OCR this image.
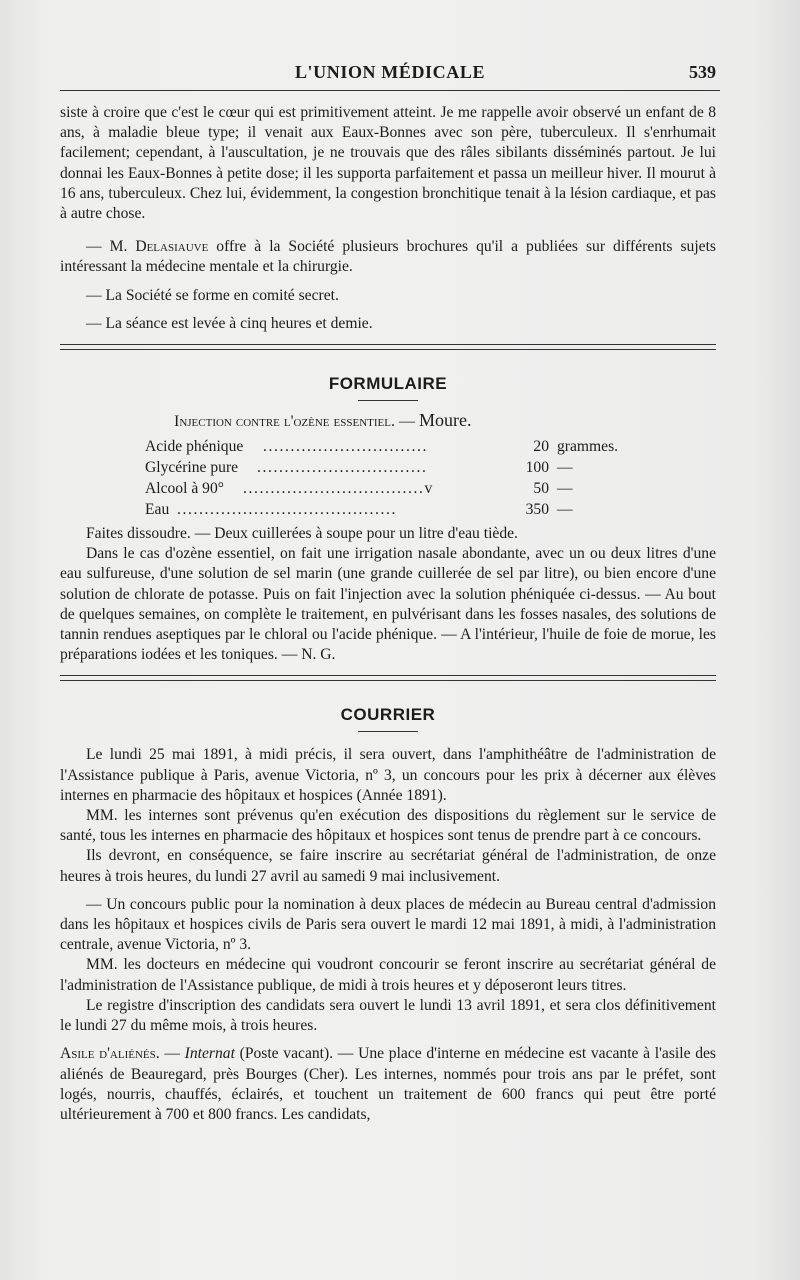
L'UNION MÉDICALE	539

siste à croire que c'est le cœur qui est primitivement atteint. Je me rappelle avoir observé un enfant de 8 ans, à maladie bleue type; il venait aux Eaux-Bonnes avec son père, tuberculeux. Il s'enrhumait facilement; cependant, à l'auscultation, je ne trouvais que des râles sibilants disséminés partout. Je lui donnai les Eaux-Bonnes à petite dose; il les supporta parfaitement et passa un meilleur hiver. Il mourut à 16 ans, tuberculeux. Chez lui, évidemment, la congestion bronchitique tenait à la lésion cardiaque, et pas à autre chose.

— M. Delasiauve offre à la Société plusieurs brochures qu'il a publiées sur différents sujets intéressant la médecine mentale et la chirurgie.

— La Société se forme en comité secret.

— La séance est levée à cinq heures et demie.

FORMULAIRE
Injection contre l'ozène essentiel. — Moure.
Acide phénique ..............................	20 grammes.
Glycérine pure ...............................	100 —
Alcool à 90° .................................v	50 —
Eau ........................................	350 —

Faites dissoudre. — Deux cuillerées à soupe pour un litre d'eau tiède.

Dans le cas d'ozène essentiel, on fait une irrigation nasale abondante, avec un ou deux litres d'une eau sulfureuse, d'une solution de sel marin (une grande cuillerée de sel par litre), ou bien encore d'une solution de chlorate de potasse. Puis on fait l'injection avec la solution phéniquée ci-dessus. — Au bout de quelques semaines, on complète le traitement, en pulvérisant dans les fosses nasales, des solutions de tannin rendues aseptiques par le chloral ou l'acide phénique. — A l'intérieur, l'huile de foie de morue, les préparations iodées et les toniques. — N. G.

COURRIER

Le lundi 25 mai 1891, à midi précis, il sera ouvert, dans l'amphithéâtre de l'administration de l'Assistance publique à Paris, avenue Victoria, nº 3, un concours pour les prix à décerner aux élèves internes en pharmacie des hôpitaux et hospices (Année 1891).

MM. les internes sont prévenus qu'en exécution des dispositions du règlement sur le service de santé, tous les internes en pharmacie des hôpitaux et hospices sont tenus de prendre part à ce concours.

Ils devront, en conséquence, se faire inscrire au secrétariat général de l'administration, de onze heures à trois heures, du lundi 27 avril au samedi 9 mai inclusivement.

— Un concours public pour la nomination à deux places de médecin au Bureau central d'admission dans les hôpitaux et hospices civils de Paris sera ouvert le mardi 12 mai 1891, à midi, à l'administration centrale, avenue Victoria, nº 3.

MM. les docteurs en médecine qui voudront concourir se feront inscrire au secrétariat général de l'administration de l'Assistance publique, de midi à trois heures et y déposeront leurs titres.

Le registre d'inscription des candidats sera ouvert le lundi 13 avril 1891, et sera clos définitivement le lundi 27 du même mois, à trois heures.

Asile d'aliénés. — Internat (Poste vacant). — Une place d'interne en médecine est vacante à l'asile des aliénés de Beauregard, près Bourges (Cher). Les internes, nommés pour trois ans par le préfet, sont logés, nourris, chauffés, éclairés, et touchent un traitement de 600 francs qui peut être porté ultérieurement à 700 et 800 francs. Les candidats,
